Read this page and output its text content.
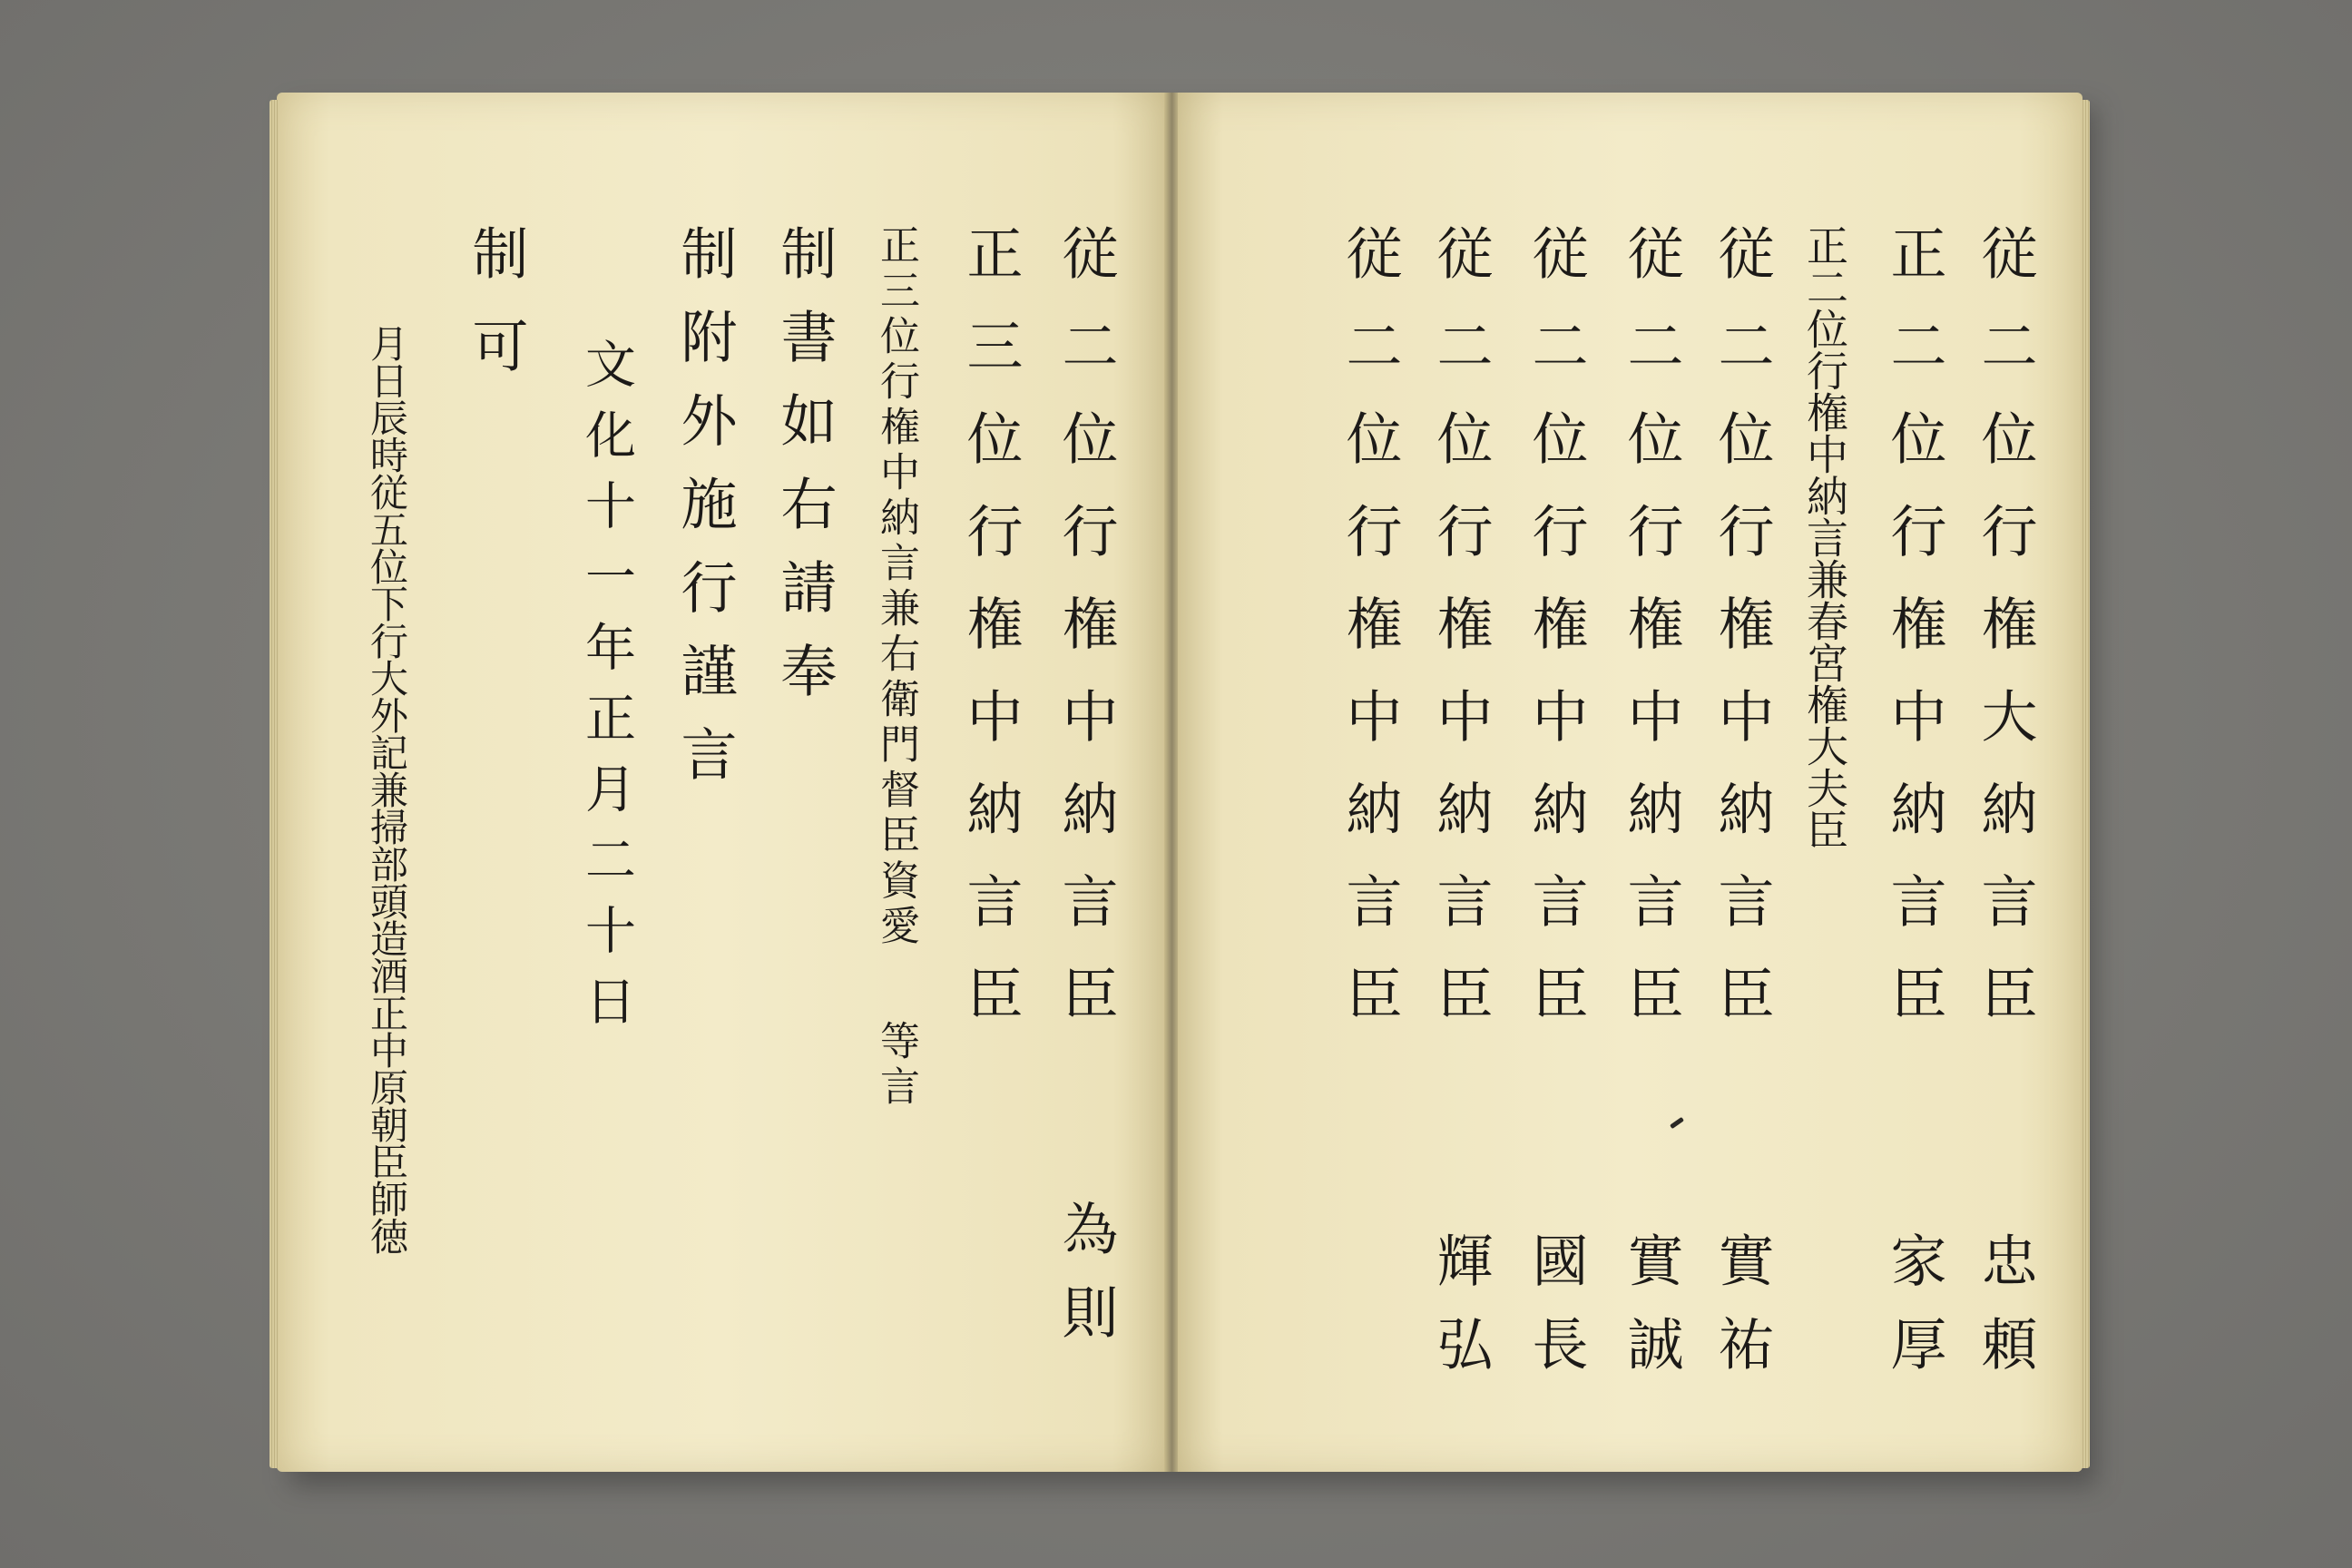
従二位行権中納言臣
為則
正三位行権中納言臣
正三位行権中納言兼右衛門督臣資愛 等言
制書如右請奉
制附外施行謹言
文化十一年正月二十日
制可
月日辰時従五位下行大外記兼掃部頭造酒正中原朝臣師徳	従二位行権大納言臣
忠頼
正二位行権中納言臣
家厚
正二位行権中納言兼春宮権大夫臣
従二位行権中納言臣
實祐
従二位行権中納言臣
實誠
従二位行権中納言臣
國長
従二位行権中納言臣
輝弘
従二位行権中納言臣
